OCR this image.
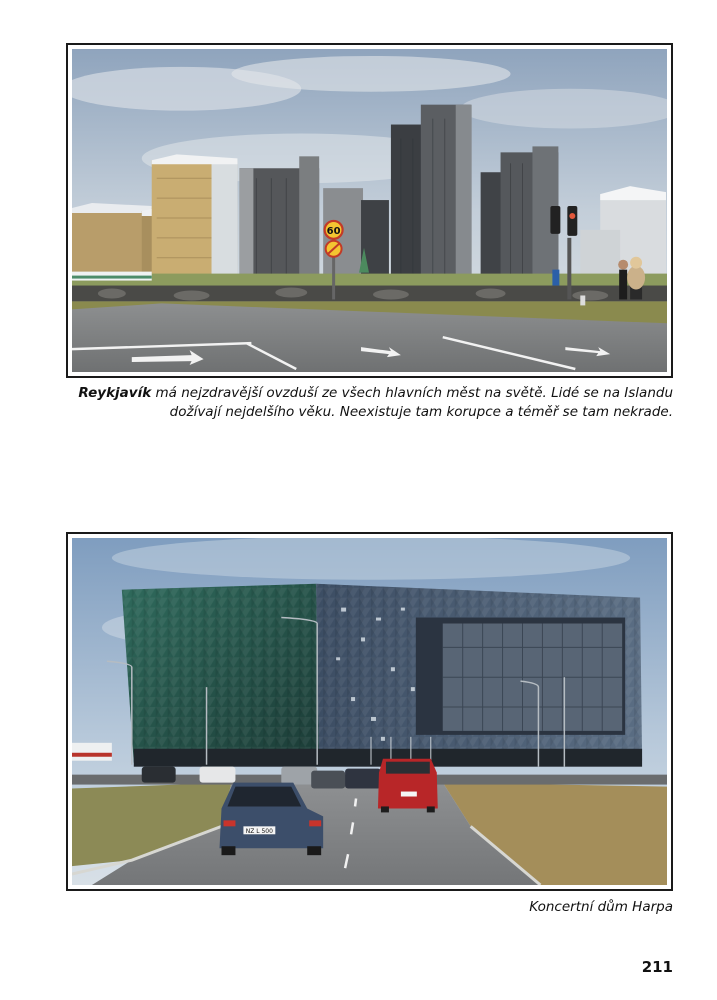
60
Reykjavík má nejzdravější ovzduší ze všech hlavních měst na světě. Lidé se na Islandu dožívají nejdelšího věku. Neexistuje tam korupce a téměř se tam nekrade.
NZ L 500
Koncertní dům Harpa
211
